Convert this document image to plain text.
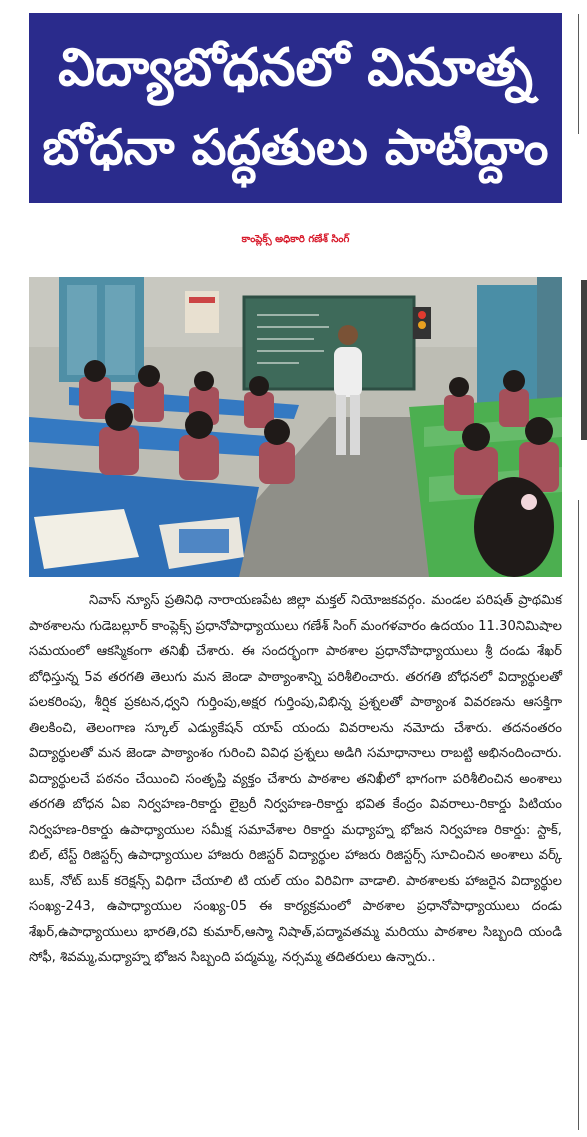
విద్యాబోధనలో వినూత్న
బోధనా పద్ధతులు పాటిద్దాం
కాంప్లెక్స్ అధికారి గణేశ్ సింగ్

నివాస్ న్యూస్ ప్రతినిధి నారాయణపేట జిల్లా మక్తల్ నియోజకవర్గం. మండల పరిషత్ ప్రాథమిక పాఠశాలను గుడెబల్లూర్ కాంప్లెక్స్ ప్రధానోపాధ్యాయులు గణేశ్ సింగ్ మంగళవారం ఉదయం 11.30నిమిషాల సమయంలో ఆకస్మికంగా తనిఖీ చేశారు. ఈ సందర్భంగా పాఠశాల ప్రధానోపాధ్యాయులు శ్రీ దండు శేఖర్ బోధిస్తున్న 5వ తరగతి తెలుగు మన జెండా పాఠ్యాంశాన్ని పరిశీలించారు. తరగతి బోధనలో విద్యార్థులతో పలకరింపు, శీర్షిక ప్రకటన,ధ్వని గుర్తింపు,అక్షర గుర్తింపు,విభిన్న ప్రశ్నలతో పాఠ్యాంశ వివరణను ఆసక్తిగా తిలకించి, తెలంగాణ స్కూల్ ఎడ్యుకేషన్ యాప్ యందు వివరాలను నమోదు చేశారు. తదనంతరం విద్యార్థులతో మన జెండా పాఠ్యాంశం గురించి వివిధ ప్రశ్నలు అడిగి సమాధానాలు రాబట్టి అభినందించారు. విద్యార్థులచే పఠనం చేయించి సంతృప్తి వ్యక్తం చేశారు పాఠశాల తనిఖీలో భాగంగా పరిశీలించిన అంశాలు తరగతి బోధన ఏఐ నిర్వహణ-రికార్డు లైబ్రరీ నిర్వహణ-రికార్డు భవిత కేంద్రం వివరాలు-రికార్డు పిటియం నిర్వహణ-రికార్డు ఉపాధ్యాయుల సమీక్ష సమావేశాల రికార్డు మధ్యాహ్న భోజన నిర్వహణ రికార్డు: స్టాక్, బిల్, టేస్ట్ రిజిస్టర్స్ ఉపాధ్యాయుల హాజరు రిజిస్టర్ విద్యార్థుల హాజరు రిజిస్టర్స్ సూచించిన అంశాలు వర్క్ బుక్, నోట్ బుక్ కరెక్షన్స్ విధిగా చేయాలి టి యల్ యం విరివిగా వాడాలి. పాఠశాలకు హాజరైన విద్యార్థుల సంఖ్య-243, ఉపాధ్యాయుల సంఖ్య-05 ఈ కార్యక్రమంలో పాఠశాల ప్రధానోపాధ్యాయులు దండు శేఖర్,ఉపాధ్యాయులు భారతి,రవి కుమార్,ఆస్మా నిషాత్,పద్మావతమ్మ మరియు పాఠశాల సిబ్బంది యండి సోఫీ, శివమ్మ,మధ్యాహ్న భోజన సిబ్బంది పద్మమ్మ, నర్సమ్మ తదితరులు ఉన్నారు..
